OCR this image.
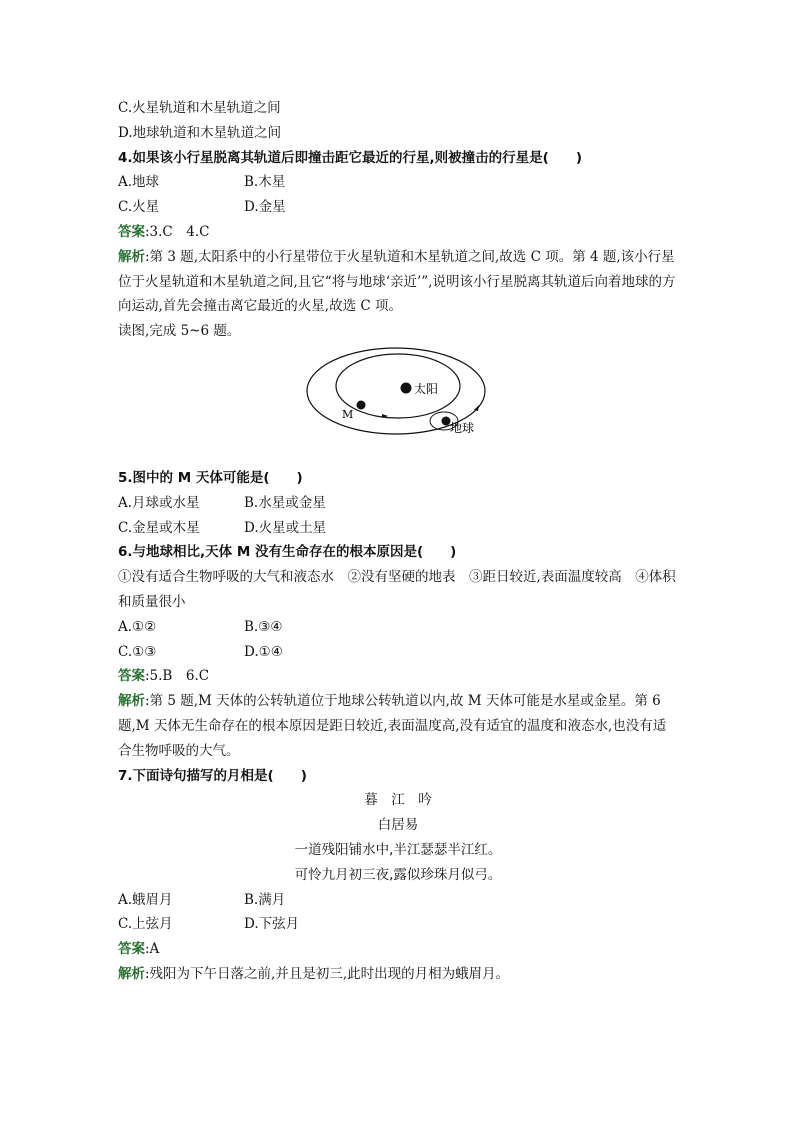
C.火星轨道和木星轨道之间
D.地球轨道和木星轨道之间
4.如果该小行星脱离其轨道后即撞击距它最近的行星,则被撞击的行星是(　　)
A.地球	B.木星
C.火星	D.金星
答案:3.C　4.C
解析:第 3 题,太阳系中的小行星带位于火星轨道和木星轨道之间,故选 C 项。第 4 题,该小行星位于火星轨道和木星轨道之间,且它“将与地球‘亲近’”,说明该小行星脱离其轨道后向着地球的方向运动,首先会撞击离它最近的火星,故选 C 项。
读图,完成 5~6 题。
太阳
M
地球
5.图中的 M 天体可能是(　　)
A.月球或水星	B.水星或金星
C.金星或木星	D.火星或土星
6.与地球相比,天体 M 没有生命存在的根本原因是(　　)
①没有适合生物呼吸的大气和液态水　②没有坚硬的地表　③距日较近,表面温度较高　④体积和质量很小
A.①②	B.③④
C.①③	D.①④
答案:5.B　6.C
解析:第 5 题,M 天体的公转轨道位于地球公转轨道以内,故 M 天体可能是水星或金星。第 6 题,M 天体无生命存在的根本原因是距日较近,表面温度高,没有适宜的温度和液态水,也没有适合生物呼吸的大气。
7.下面诗句描写的月相是(　　)
暮　江　吟
白居易
一道残阳铺水中,半江瑟瑟半江红。
可怜九月初三夜,露似珍珠月似弓。
A.蛾眉月	B.满月
C.上弦月	D.下弦月
答案:A
解析:残阳为下午日落之前,并且是初三,此时出现的月相为蛾眉月。
